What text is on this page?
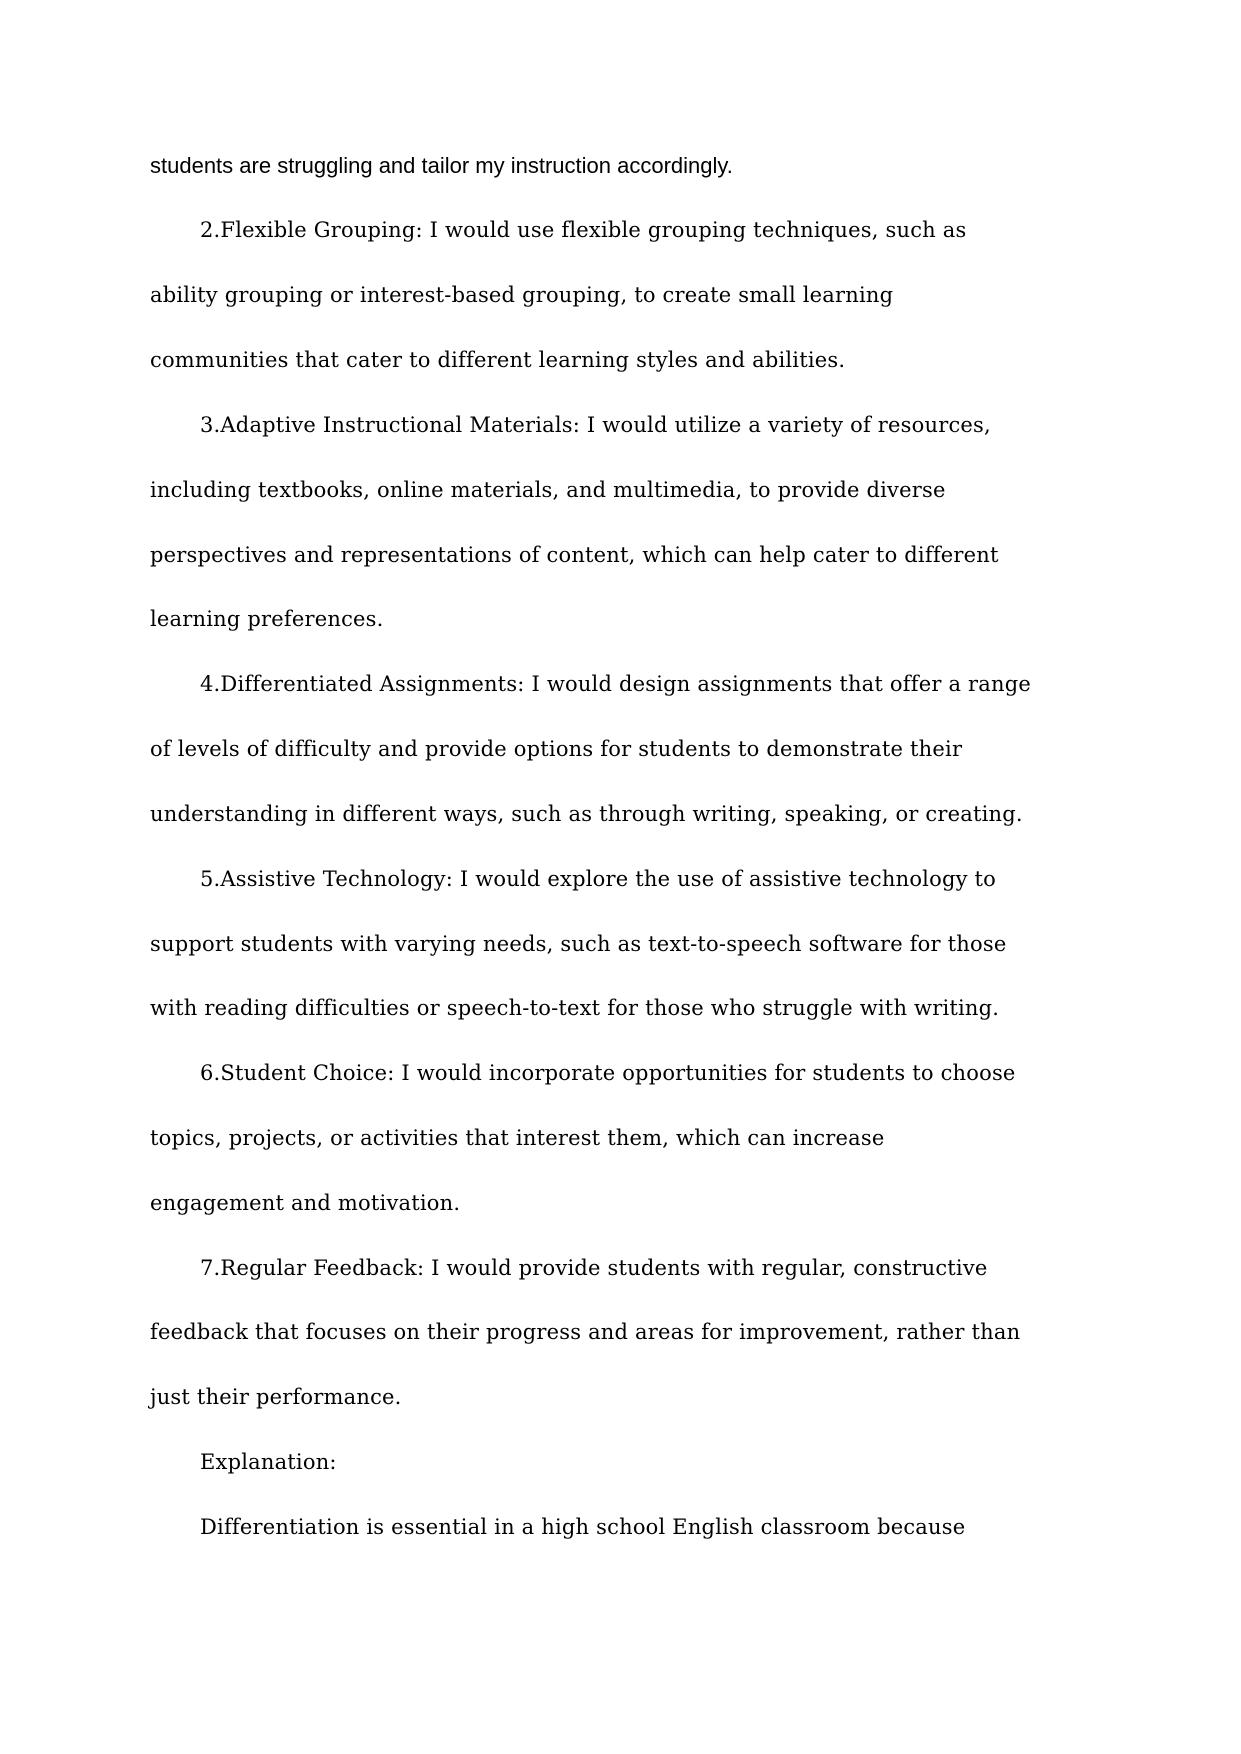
students are struggling and tailor my instruction accordingly.
2.Flexible Grouping: I would use flexible grouping techniques, such as
ability grouping or interest-based grouping, to create small learning
communities that cater to different learning styles and abilities.
3.Adaptive Instructional Materials: I would utilize a variety of resources,
including textbooks, online materials, and multimedia, to provide diverse
perspectives and representations of content, which can help cater to different
learning preferences.
4.Differentiated Assignments: I would design assignments that offer a range
of levels of difficulty and provide options for students to demonstrate their
understanding in different ways, such as through writing, speaking, or creating.
5.Assistive Technology: I would explore the use of assistive technology to
support students with varying needs, such as text-to-speech software for those
with reading difficulties or speech-to-text for those who struggle with writing.
6.Student Choice: I would incorporate opportunities for students to choose
topics, projects, or activities that interest them, which can increase
engagement and motivation.
7.Regular Feedback: I would provide students with regular, constructive
feedback that focuses on their progress and areas for improvement, rather than
just their performance.
Explanation:
Differentiation is essential in a high school English classroom because
